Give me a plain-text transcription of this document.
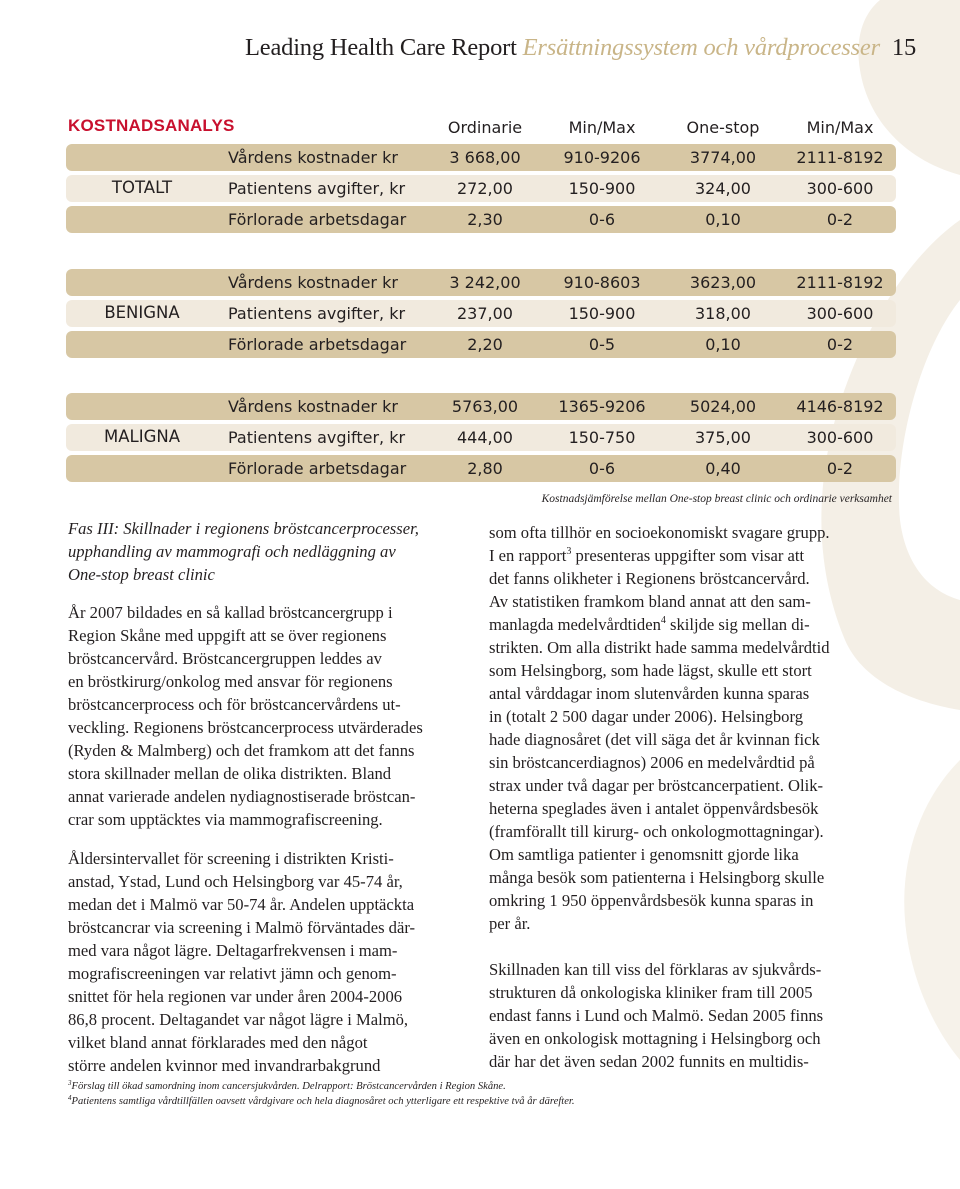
Leading Health Care Report Ersättningssystem och vårdprocesser 15
KOSTNADSANALYS	Ordinarie	Min/Max	One-stop	Min/Max
TOTALT
Vårdens kostnader kr	3 668,00	910-9206	3774,00	2111-8192
Patientens avgifter, kr	272,00	150-900	324,00	300-600
Förlorade arbetsdagar	2,30	0-6	0,10	0-2
BENIGNA
Vårdens kostnader kr	3 242,00	910-8603	3623,00	2111-8192
Patientens avgifter, kr	237,00	150-900	318,00	300-600
Förlorade arbetsdagar	2,20	0-5	0,10	0-2
MALIGNA
Vårdens kostnader kr	5763,00	1365-9206	5024,00	4146-8192
Patientens avgifter, kr	444,00	150-750	375,00	300-600
Förlorade arbetsdagar	2,80	0-6	0,40	0-2
Kostnadsjämförelse mellan One-stop breast clinic och ordinarie verksamhet

Fas III: Skillnader i regionens bröstcancerprocesser,

upphandling av mammografi och nedläggning av

One-stop breast clinic

År 2007 bildades en så kallad bröstcancergrupp i

Region Skåne med uppgift att se över regionens

bröstcancervård. Bröstcancergruppen leddes av

en bröstkirurg/onkolog med ansvar för regionens

bröstcancerprocess och för bröstcancervårdens ut-

veckling. Regionens bröstcancerprocess utvärderades

(Ryden & Malmberg) och det framkom att det fanns

stora skillnader mellan de olika distrikten. Bland

annat varierade andelen nydiagnostiserade bröstcan-

crar som upptäcktes via mammografiscreening.

Åldersintervallet för screening i distrikten Kristi-

anstad, Ystad, Lund och Helsingborg var 45-74 år,

medan det i Malmö var 50-74 år. Andelen upptäckta

bröstcancrar via screening i Malmö förväntades där-

med vara något lägre. Deltagarfrekvensen i mam-

mografiscreeningen var relativt jämn och genom-

snittet för hela regionen var under åren 2004-2006

86,8 procent. Deltagandet var något lägre i Malmö,

vilket bland annat förklarades med den något

större andelen kvinnor med invandrarbakgrund

som ofta tillhör en socioekonomiskt svagare grupp.

I en rapport$^3$ presenteras uppgifter som visar att

det fanns olikheter i Regionens bröstcancervård.

Av statistiken framkom bland annat att den sam-

manlagda medelvårdtiden$^4$ skiljde sig mellan di-

strikten. Om alla distrikt hade samma medelvårdtid

som Helsingborg, som hade lägst, skulle ett stort

antal vårddagar inom slutenvården kunna sparas

in (totalt 2 500 dagar under 2006). Helsingborg

hade diagnosåret (det vill säga det år kvinnan fick

sin bröstcancerdiagnos) 2006 en medelvårdtid på

strax under två dagar per bröstcancerpatient. Olik-

heterna speglades även i antalet öppenvårdsbesök

(framförallt till kirurg- och onkologmottagningar).

Om samtliga patienter i genomsnitt gjorde lika

många besök som patienterna i Helsingborg skulle

omkring 1 950 öppenvårdsbesök kunna sparas in

per år.

Skillnaden kan till viss del förklaras av sjukvårds-

strukturen då onkologiska kliniker fram till 2005

endast fanns i Lund och Malmö. Sedan 2005 finns

även en onkologisk mottagning i Helsingborg och

där har det även sedan 2002 funnits en multidis-

$^3$Förslag till ökad samordning inom cancersjukvården. Delrapport: Bröstcancervården i Region Skåne.

$^4$Patientens samtliga vårdtillfällen oavsett vårdgivare och hela diagnosåret och ytterligare ett respektive två år därefter.
